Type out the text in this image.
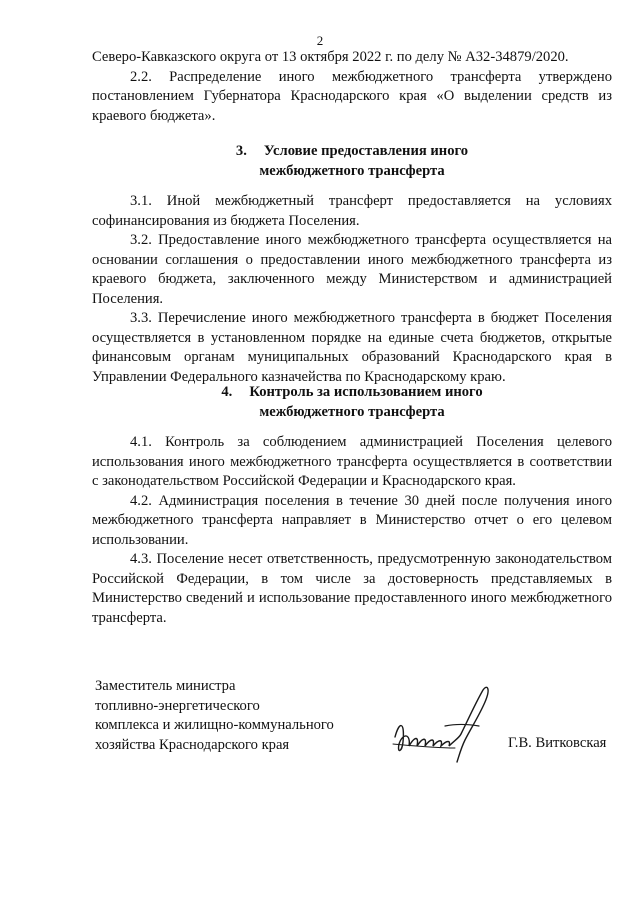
2

Северо-Кавказского округа от 13 октября 2022 г. по делу № А32-34879/2020.

2.2. Распределение иного межбюджетного трансферта утверждено постановлением Губернатора Краснодарского края «О выделении средств из краевого бюджета».

3. Условие предоставления иного
межбюджетного трансферта

3.1. Иной межбюджетный трансферт предоставляется на условиях софинансирования из бюджета Поселения.

3.2. Предоставление иного межбюджетного трансферта осуществляется на основании соглашения о предоставлении иного межбюджетного трансферта из краевого бюджета, заключенного между Министерством и администрацией Поселения.

3.3. Перечисление иного межбюджетного трансферта в бюджет Поселения осуществляется в установленном порядке на единые счета бюджетов, открытые финансовым органам муниципальных образований Краснодарского края в Управлении Федерального казначейства по Краснодарскому краю.

4. Контроль за использованием иного
межбюджетного трансферта

4.1. Контроль за соблюдением администрацией Поселения целевого использования иного межбюджетного трансферта осуществляется в соответствии с законодательством Российской Федерации и Краснодарского края.

4.2. Администрация поселения в течение 30 дней после получения иного межбюджетного трансферта направляет в Министерство отчет о его целевом использовании.

4.3. Поселение несет ответственность, предусмотренную законодательством Российской Федерации, в том числе за достоверность представляемых в Министерство сведений и использование предоставленного иного межбюджетного трансферта.

Заместитель министра
топливно-энергетического
комплекса и жилищно-коммунального
хозяйства Краснодарского края	Г.В. Витковская
